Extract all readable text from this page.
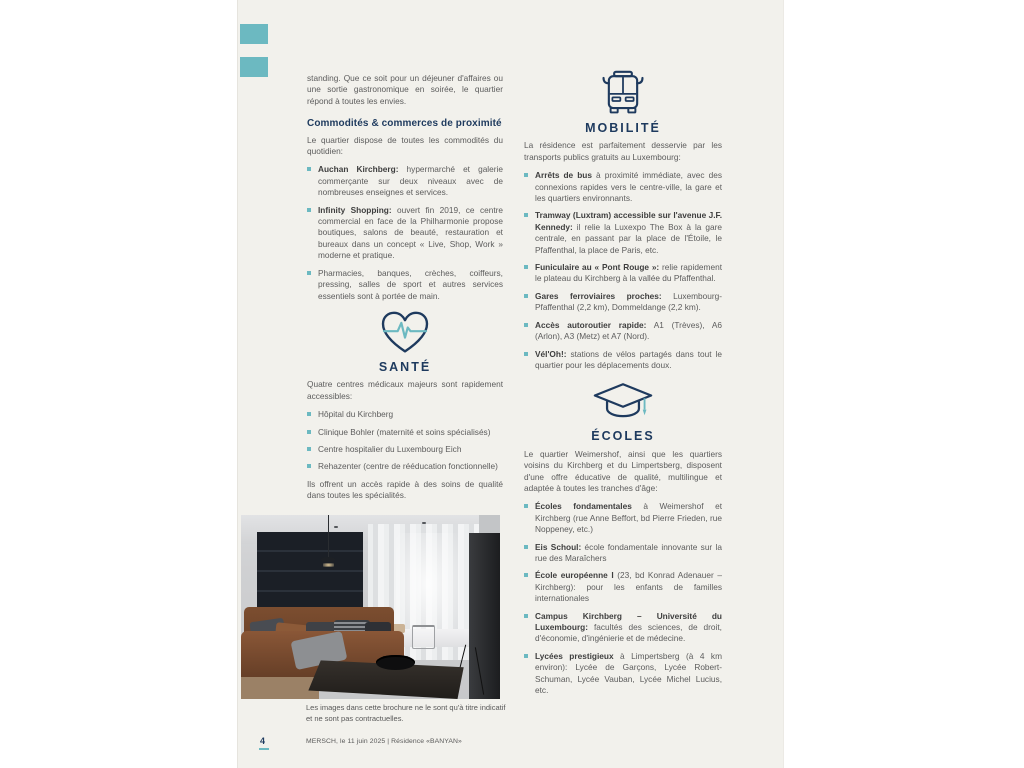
standing. Que ce soit pour un déjeuner d'affaires ou une sortie gastronomique en soirée, le quartier répond à toutes les envies.

Commodités & commerces de proximité

Le quartier dispose de toutes les commodités du quotidien:

Auchan Kirchberg: hypermarché et galerie commerçante sur deux niveaux avec de nombreuses enseignes et services.
Infinity Shopping: ouvert fin 2019, ce centre commercial en face de la Philharmonie propose boutiques, salons de beauté, restauration et bureaux dans un concept « Live, Shop, Work » moderne et pratique.
Pharmacies, banques, crèches, coiffeurs, pressing, salles de sport et autres services essentiels sont à portée de main.
SANTÉ

Quatre centres médicaux majeurs sont rapidement accessibles:

Hôpital du Kirchberg
Clinique Bohler (maternité et soins spécialisés)
Centre hospitalier du Luxembourg Eich
Rehazenter (centre de rééducation fonctionnelle)

Ils offrent un accès rapide à des soins de qualité dans toutes les spécialités.

Les images dans cette brochure ne le sont qu'à titre indicatif et ne sont pas contractuelles.
4	MERSCH, le 11 juin 2025 | Résidence «BANYAN»
MOBILITÉ

La résidence est parfaitement desservie par les transports publics gratuits au Luxembourg:

Arrêts de bus à proximité immédiate, avec des connexions rapides vers le centre-ville, la gare et les quartiers environnants.
Tramway (Luxtram) accessible sur l'avenue J.F. Kennedy: il relie la Luxexpo The Box à la gare centrale, en passant par la place de l'Étoile, le Pfaffenthal, la place de Paris, etc.
Funiculaire au « Pont Rouge »: relie rapidement le plateau du Kirchberg à la vallée du Pfaffenthal.
Gares ferroviaires proches: Luxembourg-Pfaffenthal (2,2 km), Dommeldange (2,2 km).
Accès autoroutier rapide: A1 (Trèves), A6 (Arlon), A3 (Metz) et A7 (Nord).
Vél'Oh!: stations de vélos partagés dans tout le quartier pour les déplacements doux.
ÉCOLES

Le quartier Weimershof, ainsi que les quartiers voisins du Kirchberg et du Limpertsberg, disposent d'une offre éducative de qualité, multilingue et adaptée à toutes les tranches d'âge:

Écoles fondamentales à Weimershof et Kirchberg (rue Anne Beffort, bd Pierre Frieden, rue Noppeney, etc.)
Eis Schoul: école fondamentale innovante sur la rue des Maraîchers
École européenne I (23, bd Konrad Adenauer – Kirchberg): pour les enfants de familles internationales
Campus Kirchberg – Université du Luxembourg: facultés des sciences, de droit, d'économie, d'ingénierie et de médecine.
Lycées prestigieux à Limpertsberg (à 4 km environ): Lycée de Garçons, Lycée Robert-Schuman, Lycée Vauban, Lycée Michel Lucius, etc.
